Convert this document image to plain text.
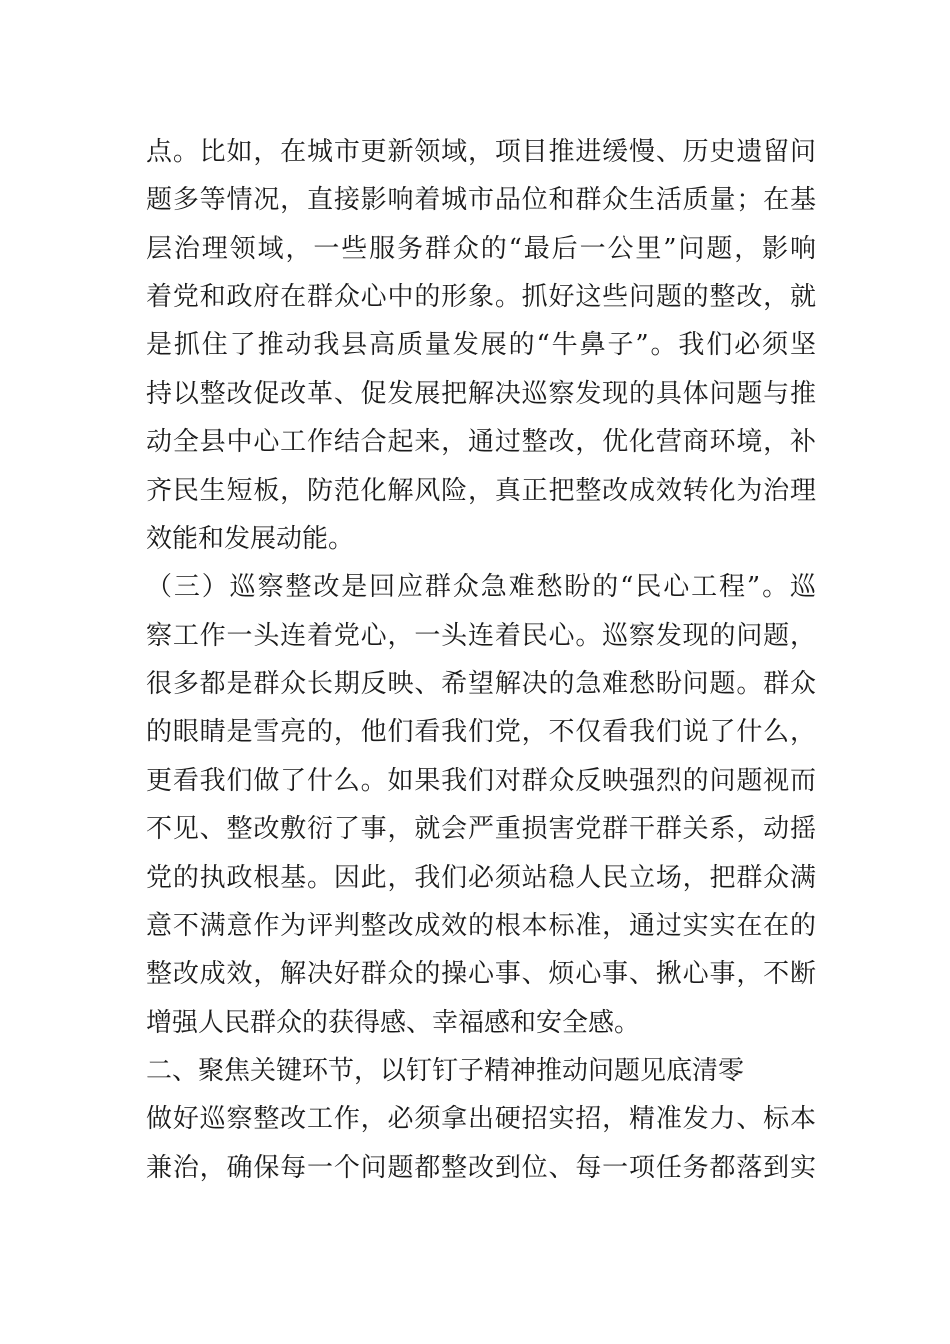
点。比如，在城市更新领域，项目推进缓慢、历史遗留问
题多等情况，直接影响着城市品位和群众生活质量；在基
层治理领域，一些服务群众的“最后一公里”问题，影响
着党和政府在群众心中的形象。抓好这些问题的整改，就
是抓住了推动我县高质量发展的“牛鼻子”。我们必须坚
持以整改促改革、促发展把解决巡察发现的具体问题与推
动全县中心工作结合起来，通过整改，优化营商环境，补
齐民生短板，防范化解风险，真正把整改成效转化为治理
效能和发展动能。
（三）巡察整改是回应群众急难愁盼的“民心工程”。巡
察工作一头连着党心，一头连着民心。巡察发现的问题，
很多都是群众长期反映、希望解决的急难愁盼问题。群众
的眼睛是雪亮的，他们看我们党，不仅看我们说了什么，
更看我们做了什么。如果我们对群众反映强烈的问题视而
不见、整改敷衍了事，就会严重损害党群干群关系，动摇
党的执政根基。因此，我们必须站稳人民立场，把群众满
意不满意作为评判整改成效的根本标准，通过实实在在的
整改成效，解决好群众的操心事、烦心事、揪心事，不断
增强人民群众的获得感、幸福感和安全感。
二、聚焦关键环节，以钉钉子精神推动问题见底清零
做好巡察整改工作，必须拿出硬招实招，精准发力、标本
兼治，确保每一个问题都整改到位、每一项任务都落到实
